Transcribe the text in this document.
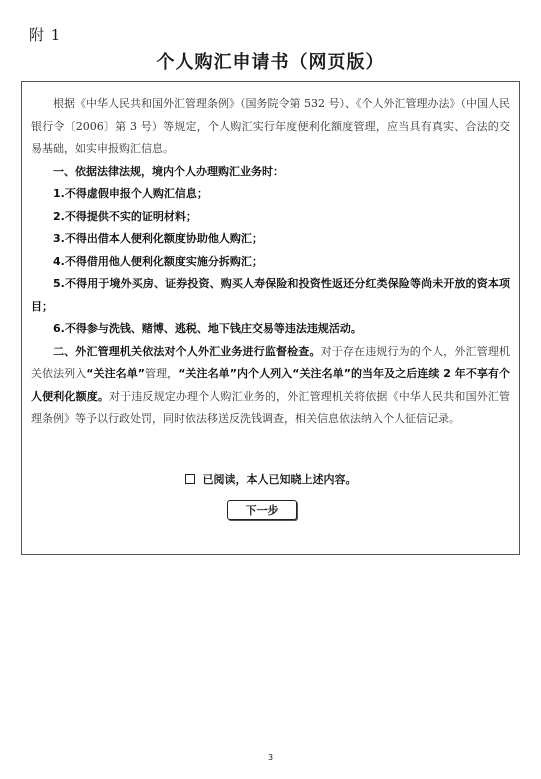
附 1
个人购汇申请书（网页版）

根据《中华人民共和国外汇管理条例》（国务院令第 532 号）、《个人外汇管理办法》（中国人民银行令〔2006〕第 3 号）等规定，个人购汇实行年度便利化额度管理，应当具有真实、合法的交易基础，如实申报购汇信息。

一、依据法律法规，境内个人办理购汇业务时：

1.不得虚假申报个人购汇信息；

2.不得提供不实的证明材料；

3.不得出借本人便利化额度协助他人购汇；

4.不得借用他人便利化额度实施分拆购汇；

5.不得用于境外买房、证券投资、购买人寿保险和投资性返还分红类保险等尚未开放的资本项目；

6.不得参与洗钱、赌博、逃税、地下钱庄交易等违法违规活动。

二、外汇管理机关依法对个人外汇业务进行监督检查。对于存在违规行为的个人，外汇管理机关依法列入“关注名单”管理，“关注名单”内个人列入“关注名单”的当年及之后连续 2 年不享有个人便利化额度。对于违反规定办理个人购汇业务的，外汇管理机关将依据《中华人民共和国外汇管理条例》等予以行政处罚，同时依法移送反洗钱调查，相关信息依法纳入个人征信记录。

已阅读，本人已知晓上述内容。
下一步
3
